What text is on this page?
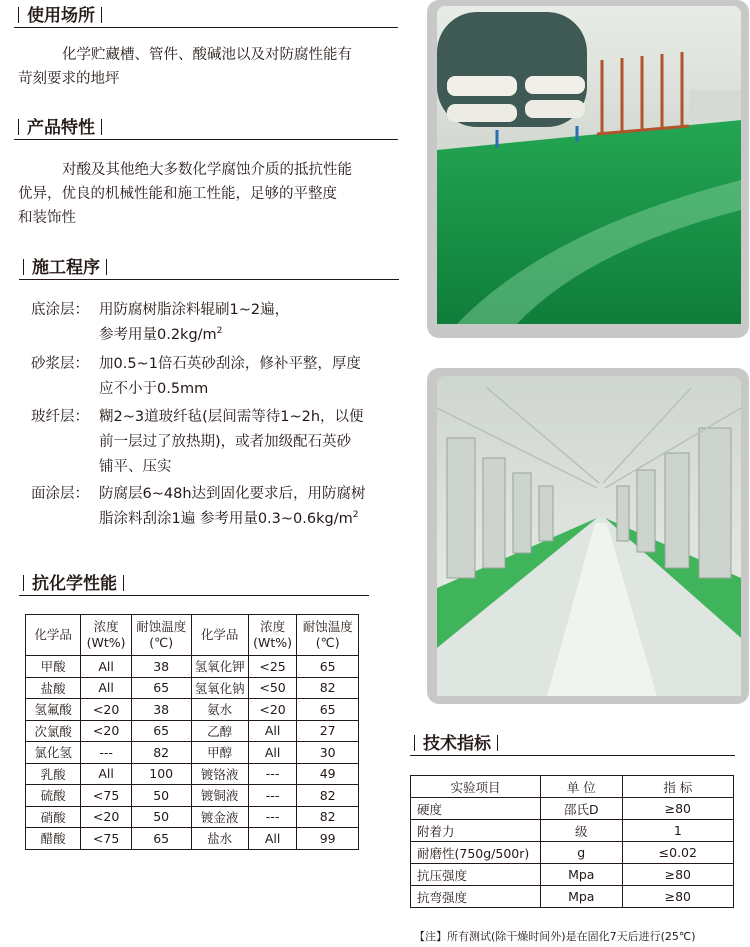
使用场所
化学贮藏槽、管件、酸碱池以及对防腐性能有
苛刻要求的地坪
产品特性
对酸及其他绝大多数化学腐蚀介质的抵抗性能
优异，优良的机械性能和施工性能，足够的平整度
和装饰性
施工程序
底涂层： 用防腐树脂涂料辊刷1~2遍，
参考用量$0.2kg/m^2$
砂浆层： 加0.5~1倍石英砂刮涂，修补平整，厚度
应不小于0.5mm
玻纤层： 糊2~3道玻纤毡(层间需等待1~2h，以便
前一层过了放热期)，或者加级配石英砂
铺平、压实
面涂层： 防腐层6~48h达到固化要求后，用防腐树
脂涂料刮涂1遍 参考用量$0.3\sim 0.6kg/m^2$
抗化学性能
化学品	浓度(Wt%)	耐蚀温度(℃)	化学品	浓度(Wt%)	耐蚀温度(℃)
甲酸	All	38	氢氧化钾	<25	65
盐酸	All	65	氢氧化钠	<50	82
氢氟酸	<20	38	氨水	<20	65
次氯酸	<20	65	乙醇	All	27
氯化氢	---	82	甲醇	All	30
乳酸	All	100	镀铬液	---	49
硫酸	<75	50	镀铜液	---	82
硝酸	<20	50	镀金液	---	82
醋酸	<75	65	盐水	All	99
技术指标
实验项目	单 位	指 标
硬度	邵氏D	≥80
附着力	级	1
耐磨性(750g/500r)	g	≤0.02
抗压强度	Mpa	≥80
抗弯强度	Mpa	≥80
【注】所有测试(除干燥时间外)是在固化7天后进行(25℃)
